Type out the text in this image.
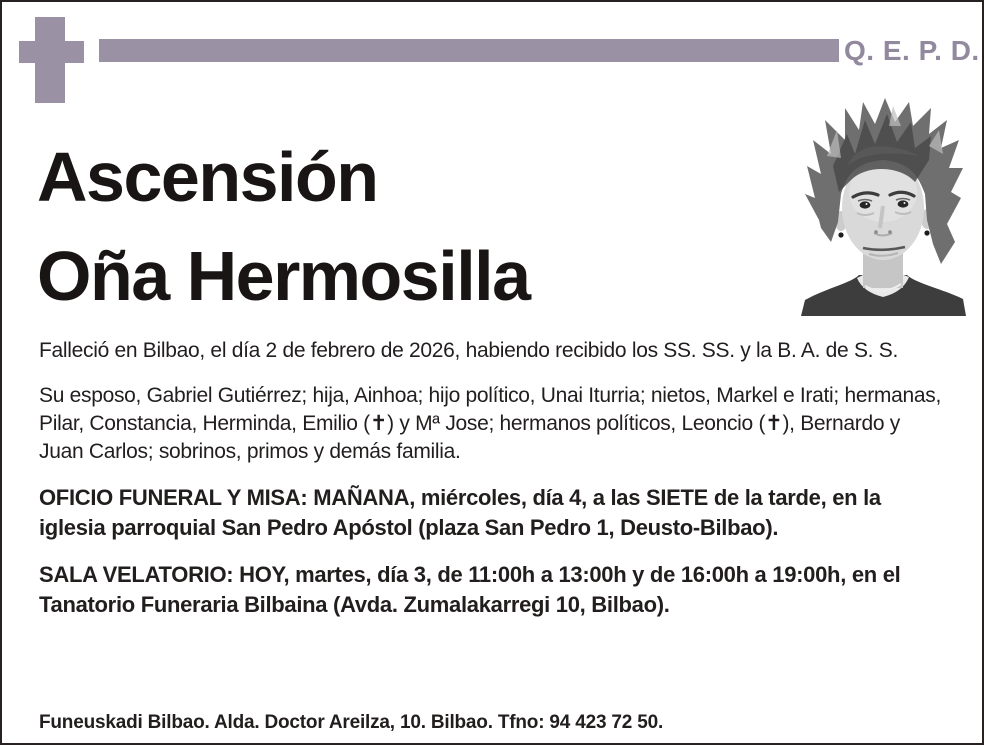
Q. E. P. D.
Ascensión
Oña Hermosilla

Falleció en Bilbao, el día 2 de febrero de 2026, habiendo recibido los SS. SS. y la B. A. de S. S.

Su esposo, Gabriel Gutiérrez; hija, Ainhoa; hijo político, Unai Iturria; nietos, Markel e Irati; hermanas, Pilar, Constancia, Herminda, Emilio (✝) y Mª Jose; hermanos políticos, Leoncio (✝), Bernardo y Juan Carlos; sobrinos, primos y demás familia.

OFICIO FUNERAL Y MISA: MAÑANA, miércoles, día 4, a las SIETE de la tarde, en la iglesia parroquial San Pedro Apóstol (plaza San Pedro 1, Deusto-Bilbao).

SALA VELATORIO: HOY, martes, día 3, de 11:00h a 13:00h y de 16:00h a 19:00h, en el Tanatorio Funeraria Bilbaina (Avda. Zumalakarregi 10, Bilbao).

Funeuskadi Bilbao. Alda. Doctor Areilza, 10. Bilbao. Tfno: 94 423 72 50.
